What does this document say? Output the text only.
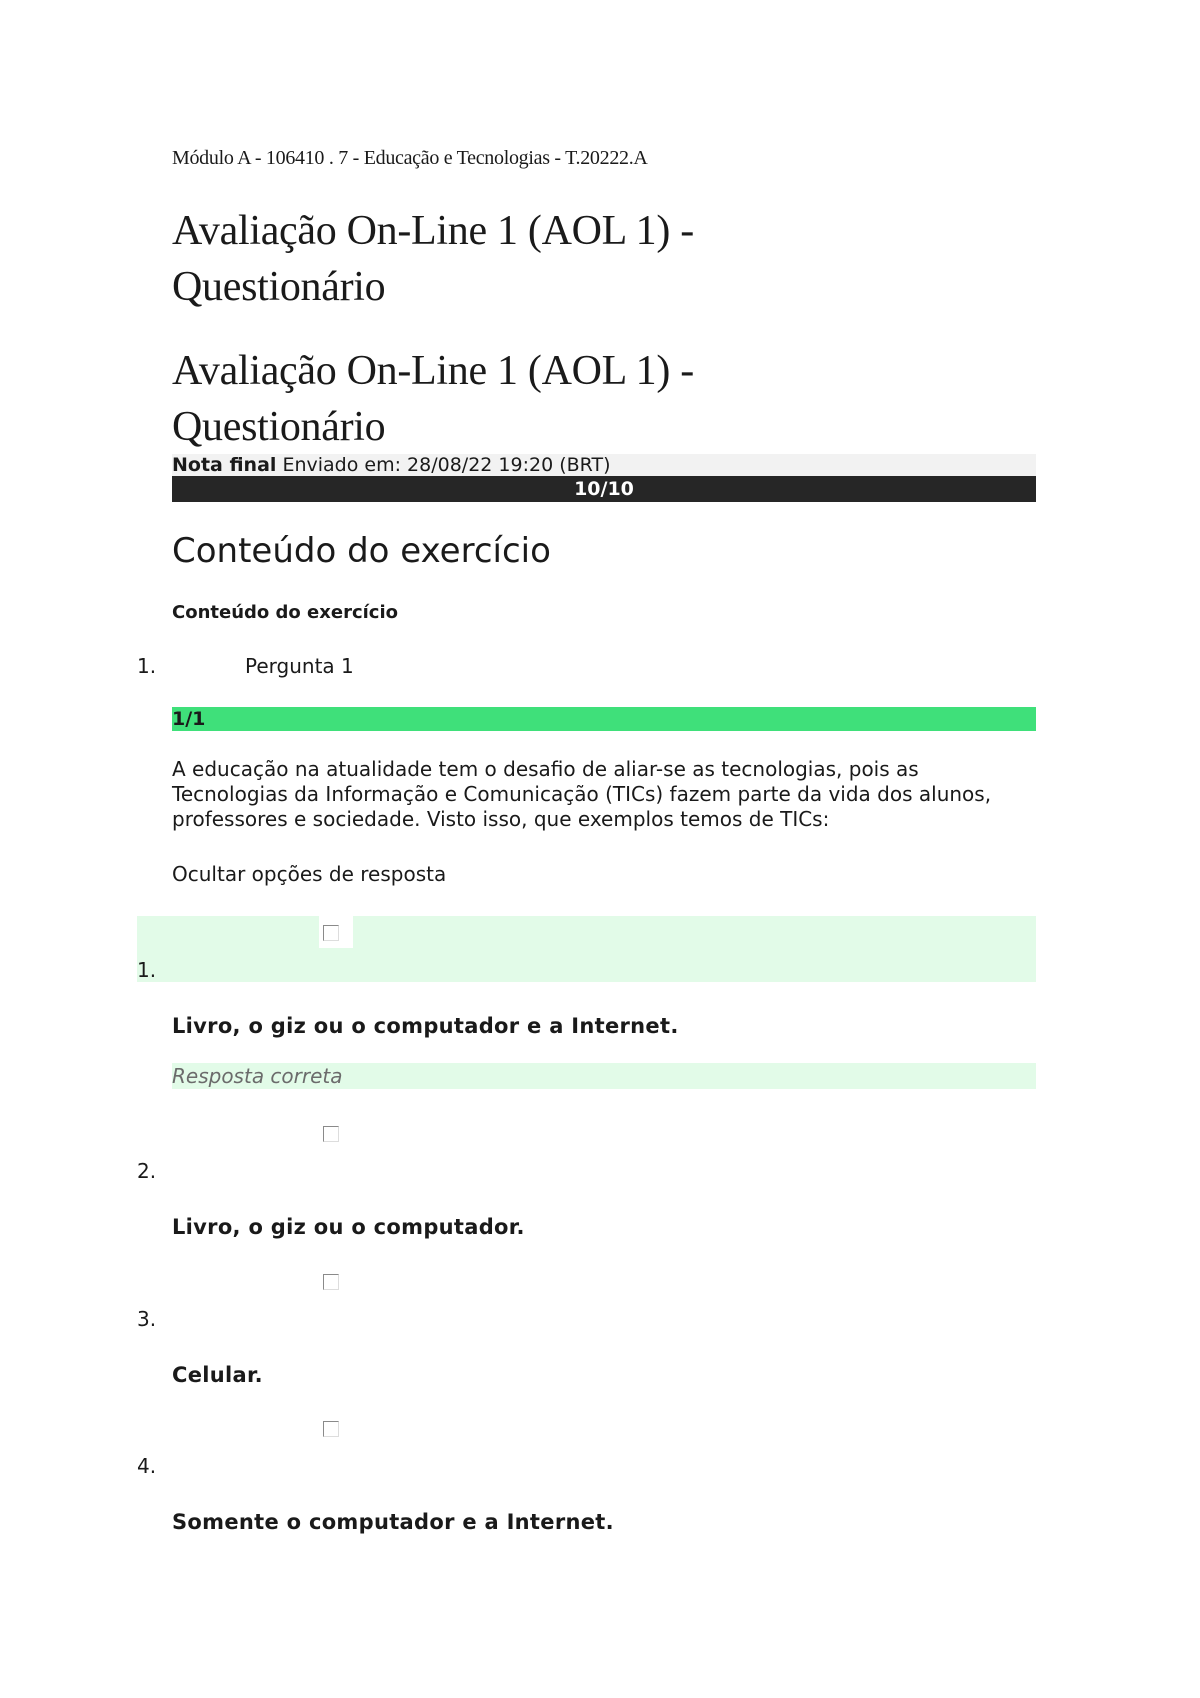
Módulo A - 106410 . 7 - Educação e Tecnologias - T.20222.A
Avaliação On-Line 1 (AOL 1) - Questionário
Avaliação On-Line 1 (AOL 1) - Questionário
Nota final Enviado em: 28/08/22 19:20 (BRT)
10/10
Conteúdo do exercício
Conteúdo do exercício
1.	Pergunta 1
1/1
A educação na atualidade tem o desafio de aliar-se as tecnologias, pois as Tecnologias da Informação e Comunicação (TICs) fazem parte da vida dos alunos, professores e sociedade. Visto isso, que exemplos temos de TICs:
Ocultar opções de resposta
1.
Livro, o giz ou o computador e a Internet.
Resposta correta
2.
Livro, o giz ou o computador.
3.
Celular.
4.
Somente o computador e a Internet.
